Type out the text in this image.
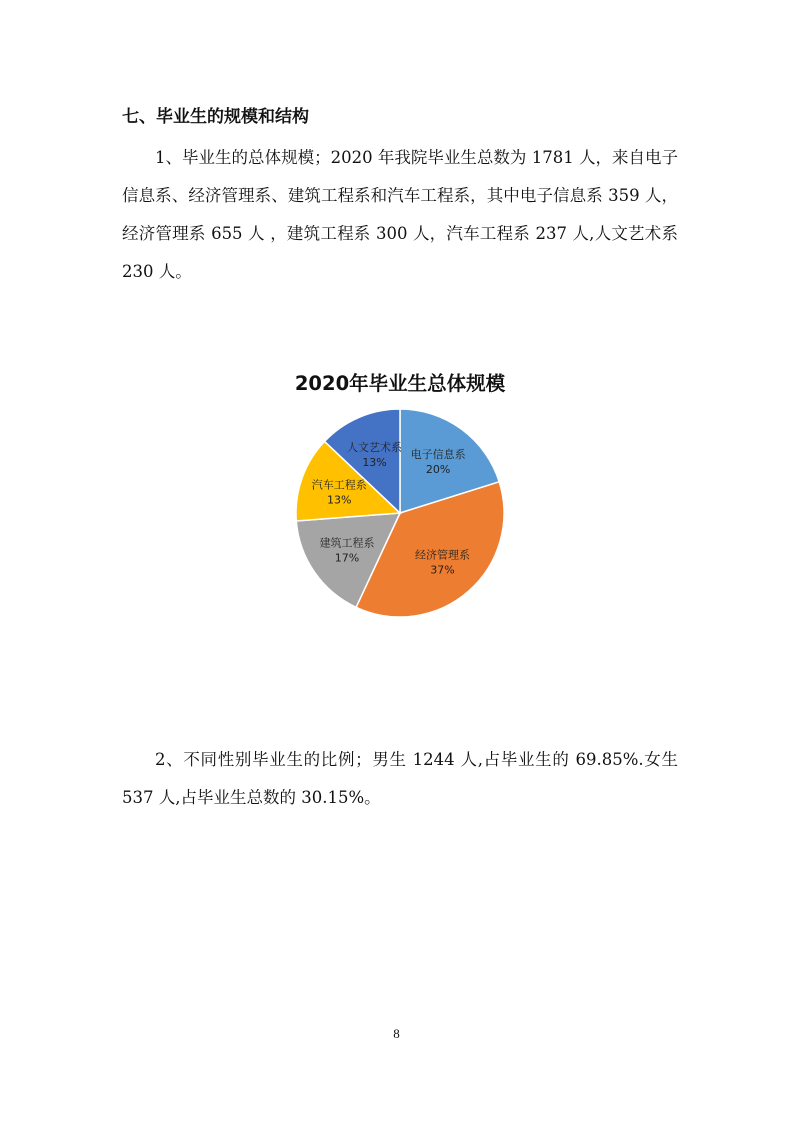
七、毕业生的规模和结构

1、毕业生的总体规模；2020 年我院毕业生总数为 1781 人，来自电子信息系、经济管理系、建筑工程系和汽车工程系，其中电子信息系 359 人，经济管理系 655 人 ，建筑工程系 300 人，汽车工程系 237 人,人文艺术系 230 人。

2020年毕业生总体规模
电子信息系
20%
经济管理系
37%
建筑工程系
17%
汽车工程系
13%
人文艺术系
13%

2、不同性别毕业生的比例；男生 1244 人,占毕业生的 69.85%.女生 537 人,占毕业生总数的 30.15%。

8
